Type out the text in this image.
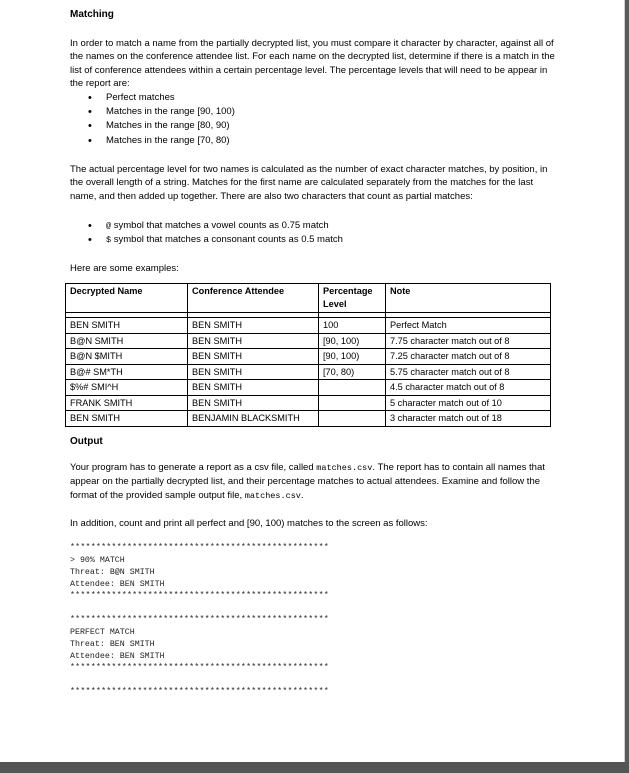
Matching

In order to match a name from the partially decrypted list, you must compare it character by character, against all of the names on the conference attendee list. For each name on the decrypted list, determine if there is a match in the list of conference attendees within a certain percentage level. The percentage levels that will need to be appear in the report are:

• Perfect matches
• Matches in the range [90, 100)
• Matches in the range [80, 90)
• Matches in the range [70, 80)

The actual percentage level for two names is calculated as the number of exact character matches, by position, in the overall length of a string. Matches for the first name are calculated separately from the matches for the last name, and then added up together. There are also two characters that count as partial matches:

• @ symbol that matches a vowel counts as 0.75 match
• $ symbol that matches a consonant counts as 0.5 match
Here are some examples:
Decrypted Name	Conference Attendee	Percentage Level	Note

BEN SMITH	BEN SMITH	100	Perfect Match
B@N SMITH	BEN SMITH	[90, 100)	7.75 character match out of 8
B@N $MITH	BEN SMITH	[90, 100)	7.25 character match out of 8
B@# SM*TH	BEN SMITH	[70, 80)	5.75 character match out of 8
$%# SMI^H	BEN SMITH		4.5 character match out of 8
FRANK SMITH	BEN SMITH		5 character match out of 10
BEN SMITH	BENJAMIN BLACKSMITH		3 character match out of 18
Output

Your program has to generate a report as a csv file, called matches.csv. The report has to contain all names that appear on the partially decrypted list, and their percentage matches to actual attendees. Examine and follow the format of the provided sample output file, matches.csv.

In addition, count and print all perfect and [90, 100) matches to the screen as follows:

**************************************************
> 90% MATCH
Threat: B@N SMITH
Attendee: BEN SMITH
**************************************************
**************************************************
PERFECT MATCH
Threat: BEN SMITH
Attendee: BEN SMITH
**************************************************
**************************************************
